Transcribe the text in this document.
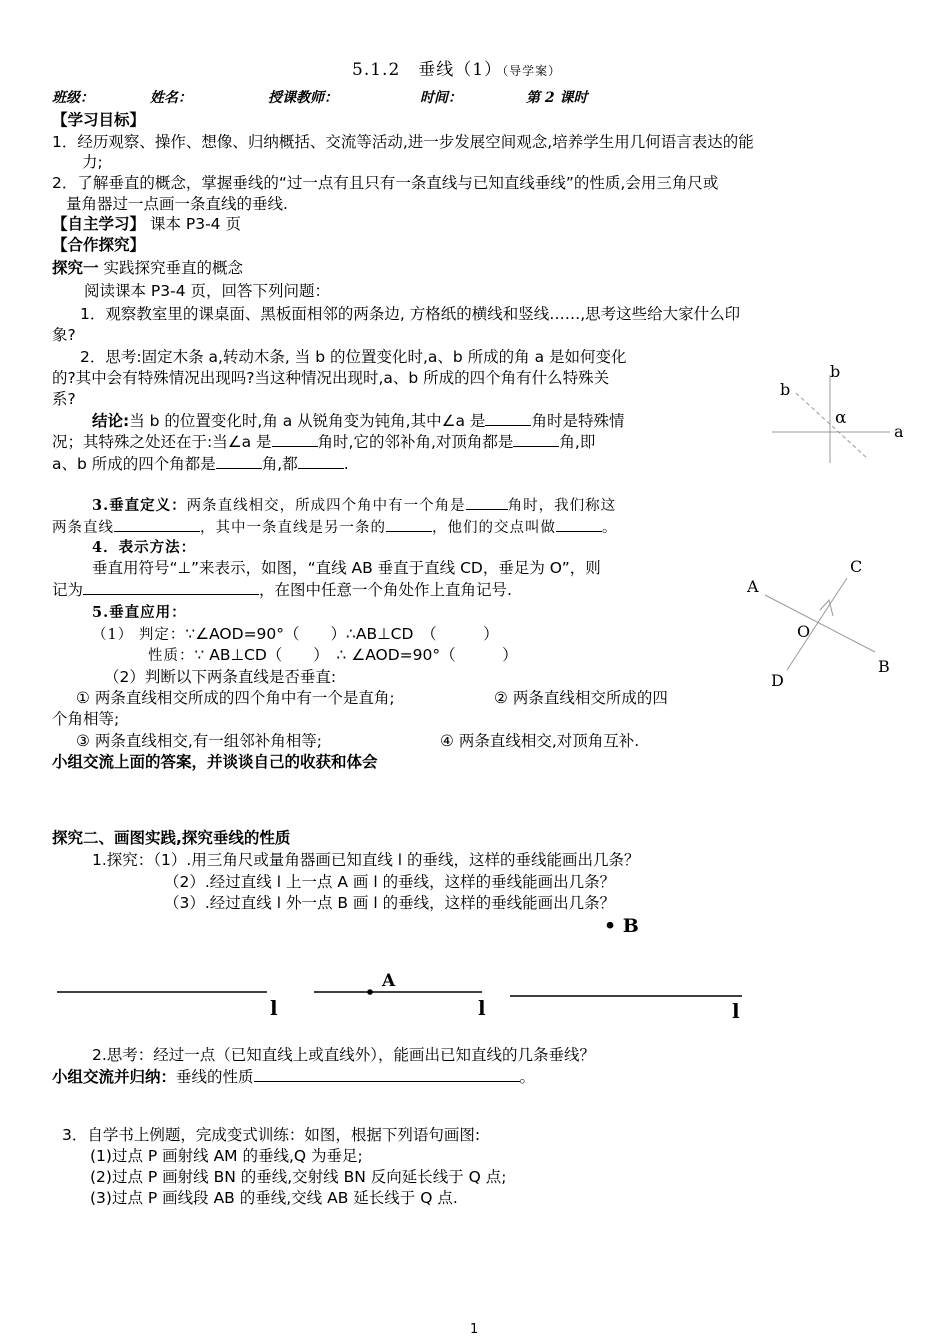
5.1.2　垂线（1）（导学案）
班级：	姓名：	授课教师：	时间：	第 2 课时
【学习目标】
1．经历观察、操作、想像、归纳概括、交流等活动,进一步发展空间观念,培养学生用几何语言表达的能
力;
2．了解垂直的概念，掌握垂线的“过一点有且只有一条直线与已知直线垂线”的性质,会用三角尺或
量角器过一点画一条直线的垂线.
【自主学习】 课本 P3-4 页
【合作探究】
探究一 实践探究垂直的概念
阅读课本 P3-4 页，回答下列问题：
1．观察教室里的课桌面、黑板面相邻的两条边, 方格纸的横线和竖线……,思考这些给大家什么印
象?
2．思考:固定木条 a,转动木条, 当 b 的位置变化时,a、b 所成的角 a 是如何变化
的?其中会有特殊情况出现吗?当这种情况出现时,a、b 所成的四个角有什么特殊关
系?
结论:当 b 的位置变化时,角 a 从锐角变为钝角,其中∠a 是	角时是特殊情
况；其特殊之处还在于:当∠a 是	角时,它的邻补角,对顶角都是	角,即
a、b 所成的四个角都是	角,都	.
3.垂直定义：两条直线相交，所成四个角中有一个角是	角时，我们称这
两条直线	，其中一条直线是另一条的	，他们的交点叫做	。
4．表示方法：
垂直用符号“⊥”来表示，如图，“直线 AB 垂直于直线 CD，垂足为 O”，则
记为	，在图中任意一个角处作上直角记号.
5.垂直应用：
（1） 判定：∵∠AOD=90°（　　）∴AB⊥CD　（　　　）
性质：∵ AB⊥CD（　　）　∴ ∠AOD=90°（　　　）
（2）判断以下两条直线是否垂直:
① 两条直线相交所成的四个角中有一个是直角;	② 两条直线相交所成的四
个角相等;
③ 两条直线相交,有一组邻补角相等;	④ 两条直线相交,对顶角互补.
小组交流上面的答案，并谈谈自己的收获和体会
b
b
α
a
A
C
O
B
D
探究二、画图实践,探究垂线的性质
1.探究：（1）.用三角尺或量角器画已知直线 l 的垂线，这样的垂线能画出几条？
（2）.经过直线 l 上一点 A 画 l 的垂线，这样的垂线能画出几条？
（3）.经过直线 l 外一点 B 画 l 的垂线，这样的垂线能画出几条？
l
A
l	l
• B
2.思考：经过一点（已知直线上或直线外），能画出已知直线的几条垂线？
小组交流并归纳：垂线的性质	。
3．自学书上例题，完成变式训练：如图，根据下列语句画图:
(1)过点 P 画射线 AM 的垂线,Q 为垂足;
(2)过点 P 画射线 BN 的垂线,交射线 BN 反向延长线于 Q 点;
(3)过点 P 画线段 AB 的垂线,交线 AB 延长线于 Q 点.
1
